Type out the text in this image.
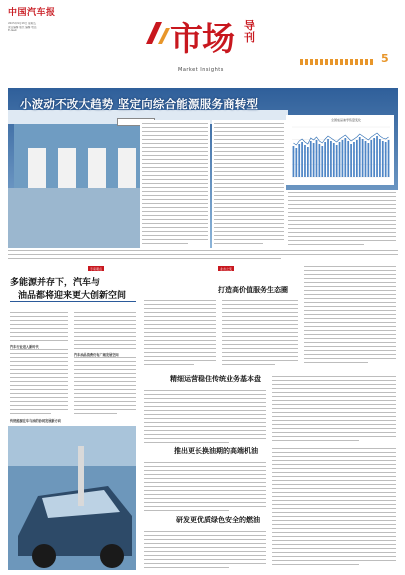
中国汽车报
2025年9月26日 星期五
责任编辑 版式 编辑 电话
E-mail	市场 导刊
Market Insights
5
小波动不改大趋势 坚定向综合能源服务商转型
全国成品油零售量变化
专家观点	业态之变
多能源并存下，汽车与
油品都将迎来更大创新空间
汽车行业进入新时代
汽车油品消费仍有广阔发展空间
传统能源在车与油的协同发展新方向
打造高价值服务生态圈
精细运营稳住传统业务基本盘
推出更长换油期的高端机油
研发更优质绿色安全的燃油
